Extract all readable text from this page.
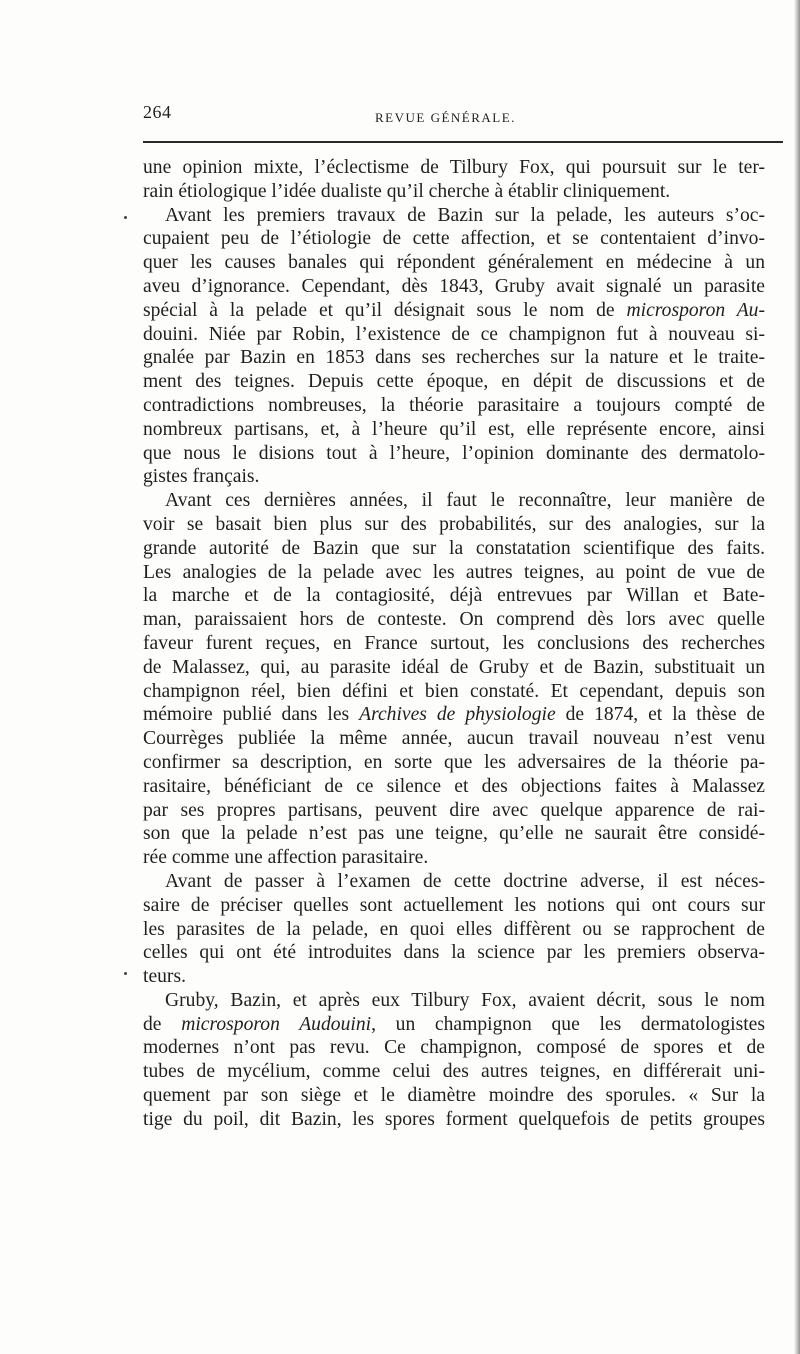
264	REVUE GÉNÉRALE.
une opinion mixte, l’éclectisme de Tilbury Fox, qui poursuit sur le ter-
rain étiologique l’idée dualiste qu’il cherche à établir cliniquement.
Avant les premiers travaux de Bazin sur la pelade, les auteurs s’oc-
cupaient peu de l’étiologie de cette affection, et se contentaient d’invo-
quer les causes banales qui répondent généralement en médecine à un
aveu d’ignorance. Cependant, dès 1843, Gruby avait signalé un parasite
spécial à la pelade et qu’il désignait sous le nom de microsporon Au-
douini. Niée par Robin, l’existence de ce champignon fut à nouveau si-
gnalée par Bazin en 1853 dans ses recherches sur la nature et le traite-
ment des teignes. Depuis cette époque, en dépit de discussions et de
contradictions nombreuses, la théorie parasitaire a toujours compté de
nombreux partisans, et, à l’heure qu’il est, elle représente encore, ainsi
que nous le disions tout à l’heure, l’opinion dominante des dermatolo-
gistes français.
Avant ces dernières années, il faut le reconnaître, leur manière de
voir se basait bien plus sur des probabilités, sur des analogies, sur la
grande autorité de Bazin que sur la constatation scientifique des faits.
Les analogies de la pelade avec les autres teignes, au point de vue de
la marche et de la contagiosité, déjà entrevues par Willan et Bate-
man, paraissaient hors de conteste. On comprend dès lors avec quelle
faveur furent reçues, en France surtout, les conclusions des recherches
de Malassez, qui, au parasite idéal de Gruby et de Bazin, substituait un
champignon réel, bien défini et bien constaté. Et cependant, depuis son
mémoire publié dans les Archives de physiologie de 1874, et la thèse de
Courrèges publiée la même année, aucun travail nouveau n’est venu
confirmer sa description, en sorte que les adversaires de la théorie pa-
rasitaire, bénéficiant de ce silence et des objections faites à Malassez
par ses propres partisans, peuvent dire avec quelque apparence de rai-
son que la pelade n’est pas une teigne, qu’elle ne saurait être considé-
rée comme une affection parasitaire.
Avant de passer à l’examen de cette doctrine adverse, il est néces-
saire de préciser quelles sont actuellement les notions qui ont cours sur
les parasites de la pelade, en quoi elles diffèrent ou se rapprochent de
celles qui ont été introduites dans la science par les premiers observa-
teurs.
Gruby, Bazin, et après eux Tilbury Fox, avaient décrit, sous le nom
de microsporon Audouini, un champignon que les dermatologistes
modernes n’ont pas revu. Ce champignon, composé de spores et de
tubes de mycélium, comme celui des autres teignes, en différerait uni-
quement par son siège et le diamètre moindre des sporules. « Sur la
tige du poil, dit Bazin, les spores forment quelquefois de petits groupes
